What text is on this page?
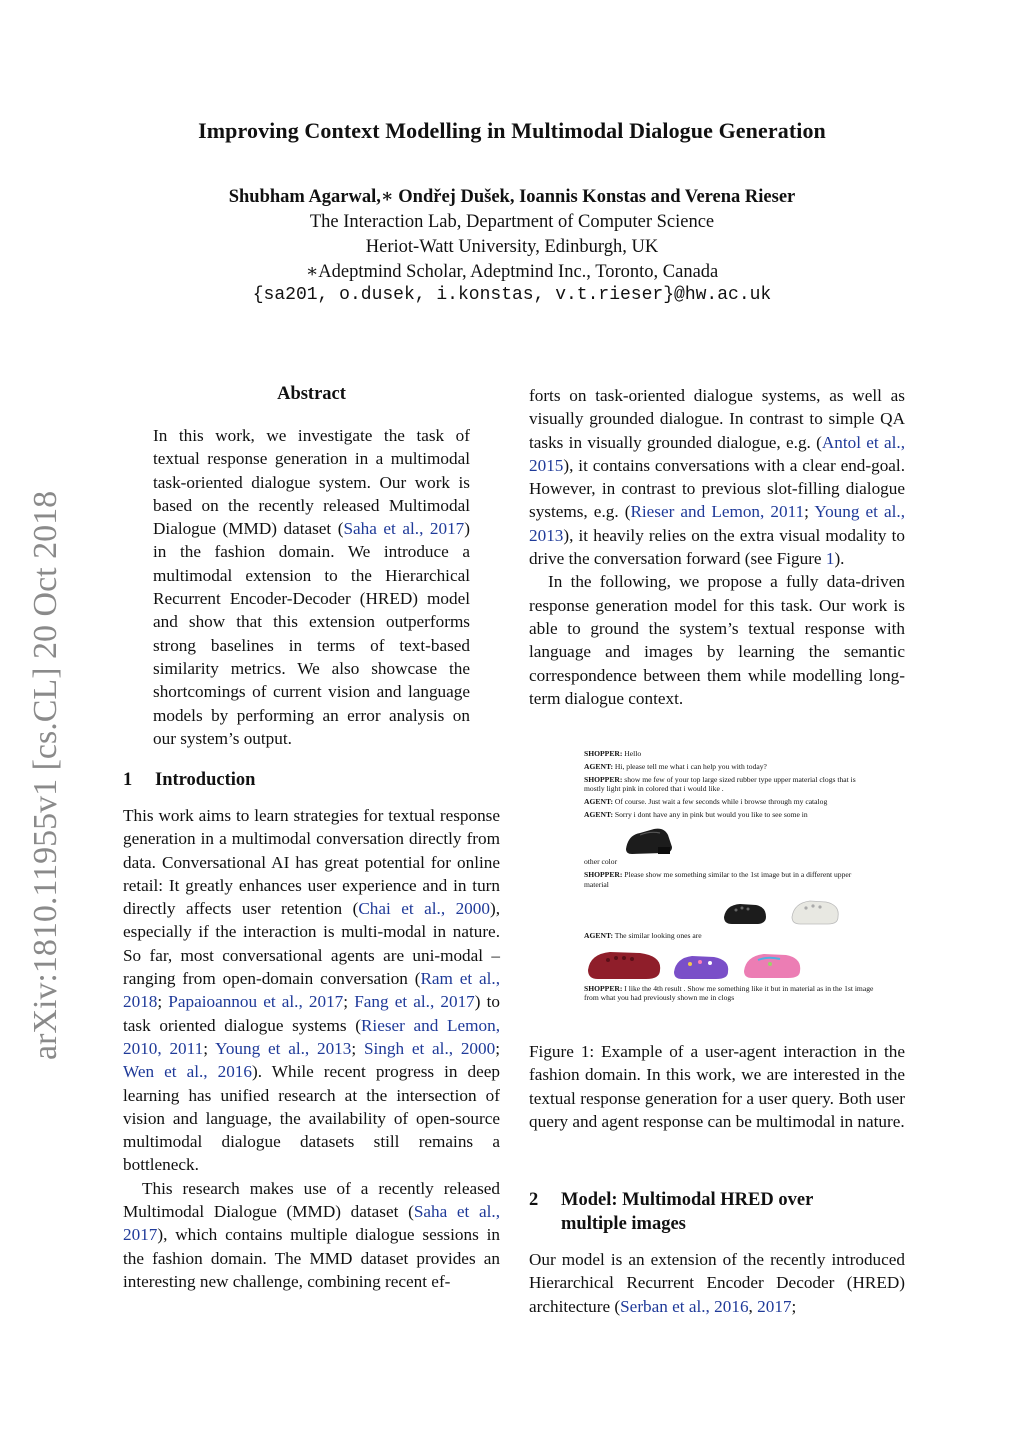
Improving Context Modelling in Multimodal Dialogue Generation
Shubham Agarwal,∗ Ondřej Dušek, Ioannis Konstas and Verena Rieser
The Interaction Lab, Department of Computer Science
Heriot-Watt University, Edinburgh, UK
∗Adeptmind Scholar, Adeptmind Inc., Toronto, Canada
{sa201, o.dusek, i.konstas, v.t.rieser}@hw.ac.uk
arXiv:1810.11955v1 [cs.CL] 20 Oct 2018
Abstract

In this work, we investigate the task of textual response generation in a multimodal task-oriented dialogue system. Our work is based on the recently released Multimodal Dialogue (MMD) dataset (Saha et al., 2017) in the fashion domain. We introduce a multimodal extension to the Hierarchical Recurrent Encoder-Decoder (HRED) model and show that this extension outperforms strong baselines in terms of text-based similarity metrics. We also showcase the shortcomings of current vision and language models by performing an error analysis on our system’s output.

1 Introduction

This work aims to learn strategies for textual response generation in a multimodal conversation directly from data. Conversational AI has great potential for online retail: It greatly enhances user experience and in turn directly affects user retention (Chai et al., 2000), especially if the interaction is multi-modal in nature. So far, most conversational agents are uni-modal – ranging from open-domain conversation (Ram et al., 2018; Papaioannou et al., 2017; Fang et al., 2017) to task oriented dialogue systems (Rieser and Lemon, 2010, 2011; Young et al., 2013; Singh et al., 2000; Wen et al., 2016). While recent progress in deep learning has unified research at the intersection of vision and language, the availability of open-source multimodal dialogue datasets still remains a bottleneck.

This research makes use of a recently released Multimodal Dialogue (MMD) dataset (Saha et al., 2017), which contains multiple dialogue sessions in the fashion domain. The MMD dataset provides an interesting new challenge, combining recent ef-

forts on task-oriented dialogue systems, as well as visually grounded dialogue. In contrast to simple QA tasks in visually grounded dialogue, e.g. (Antol et al., 2015), it contains conversations with a clear end-goal. However, in contrast to previous slot-filling dialogue systems, e.g. (Rieser and Lemon, 2011; Young et al., 2013), it heavily relies on the extra visual modality to drive the conversation forward (see Figure 1).

In the following, we propose a fully data-driven response generation model for this task. Our work is able to ground the system’s textual response with language and images by learning the semantic correspondence between them while modelling long-term dialogue context.

SHOPPER: Hello
AGENT: Hi, please tell me what i can help you with today?
SHOPPER: show me few of your top large sized rubber type upper material clogs that is mostly light pink in colored that i would like .
AGENT: Of course. Just wait a few seconds while i browse through my catalog
AGENT: Sorry i dont have any in pink but would you like to see some in
other color
SHOPPER: Please show me something similar to the 1st image but in a different upper material
AGENT: The similar looking ones are
SHOPPER: I like the 4th result . Show me something like it but in material as in the 1st image from what you had previously shown me in clogs
Figure 1: Example of a user-agent interaction in the fashion domain. In this work, we are interested in the textual response generation for a user query. Both user query and agent response can be multimodal in nature.
2 Model: Multimodal HRED over
multiple images

Our model is an extension of the recently introduced Hierarchical Recurrent Encoder Decoder (HRED) architecture (Serban et al., 2016, 2017;
